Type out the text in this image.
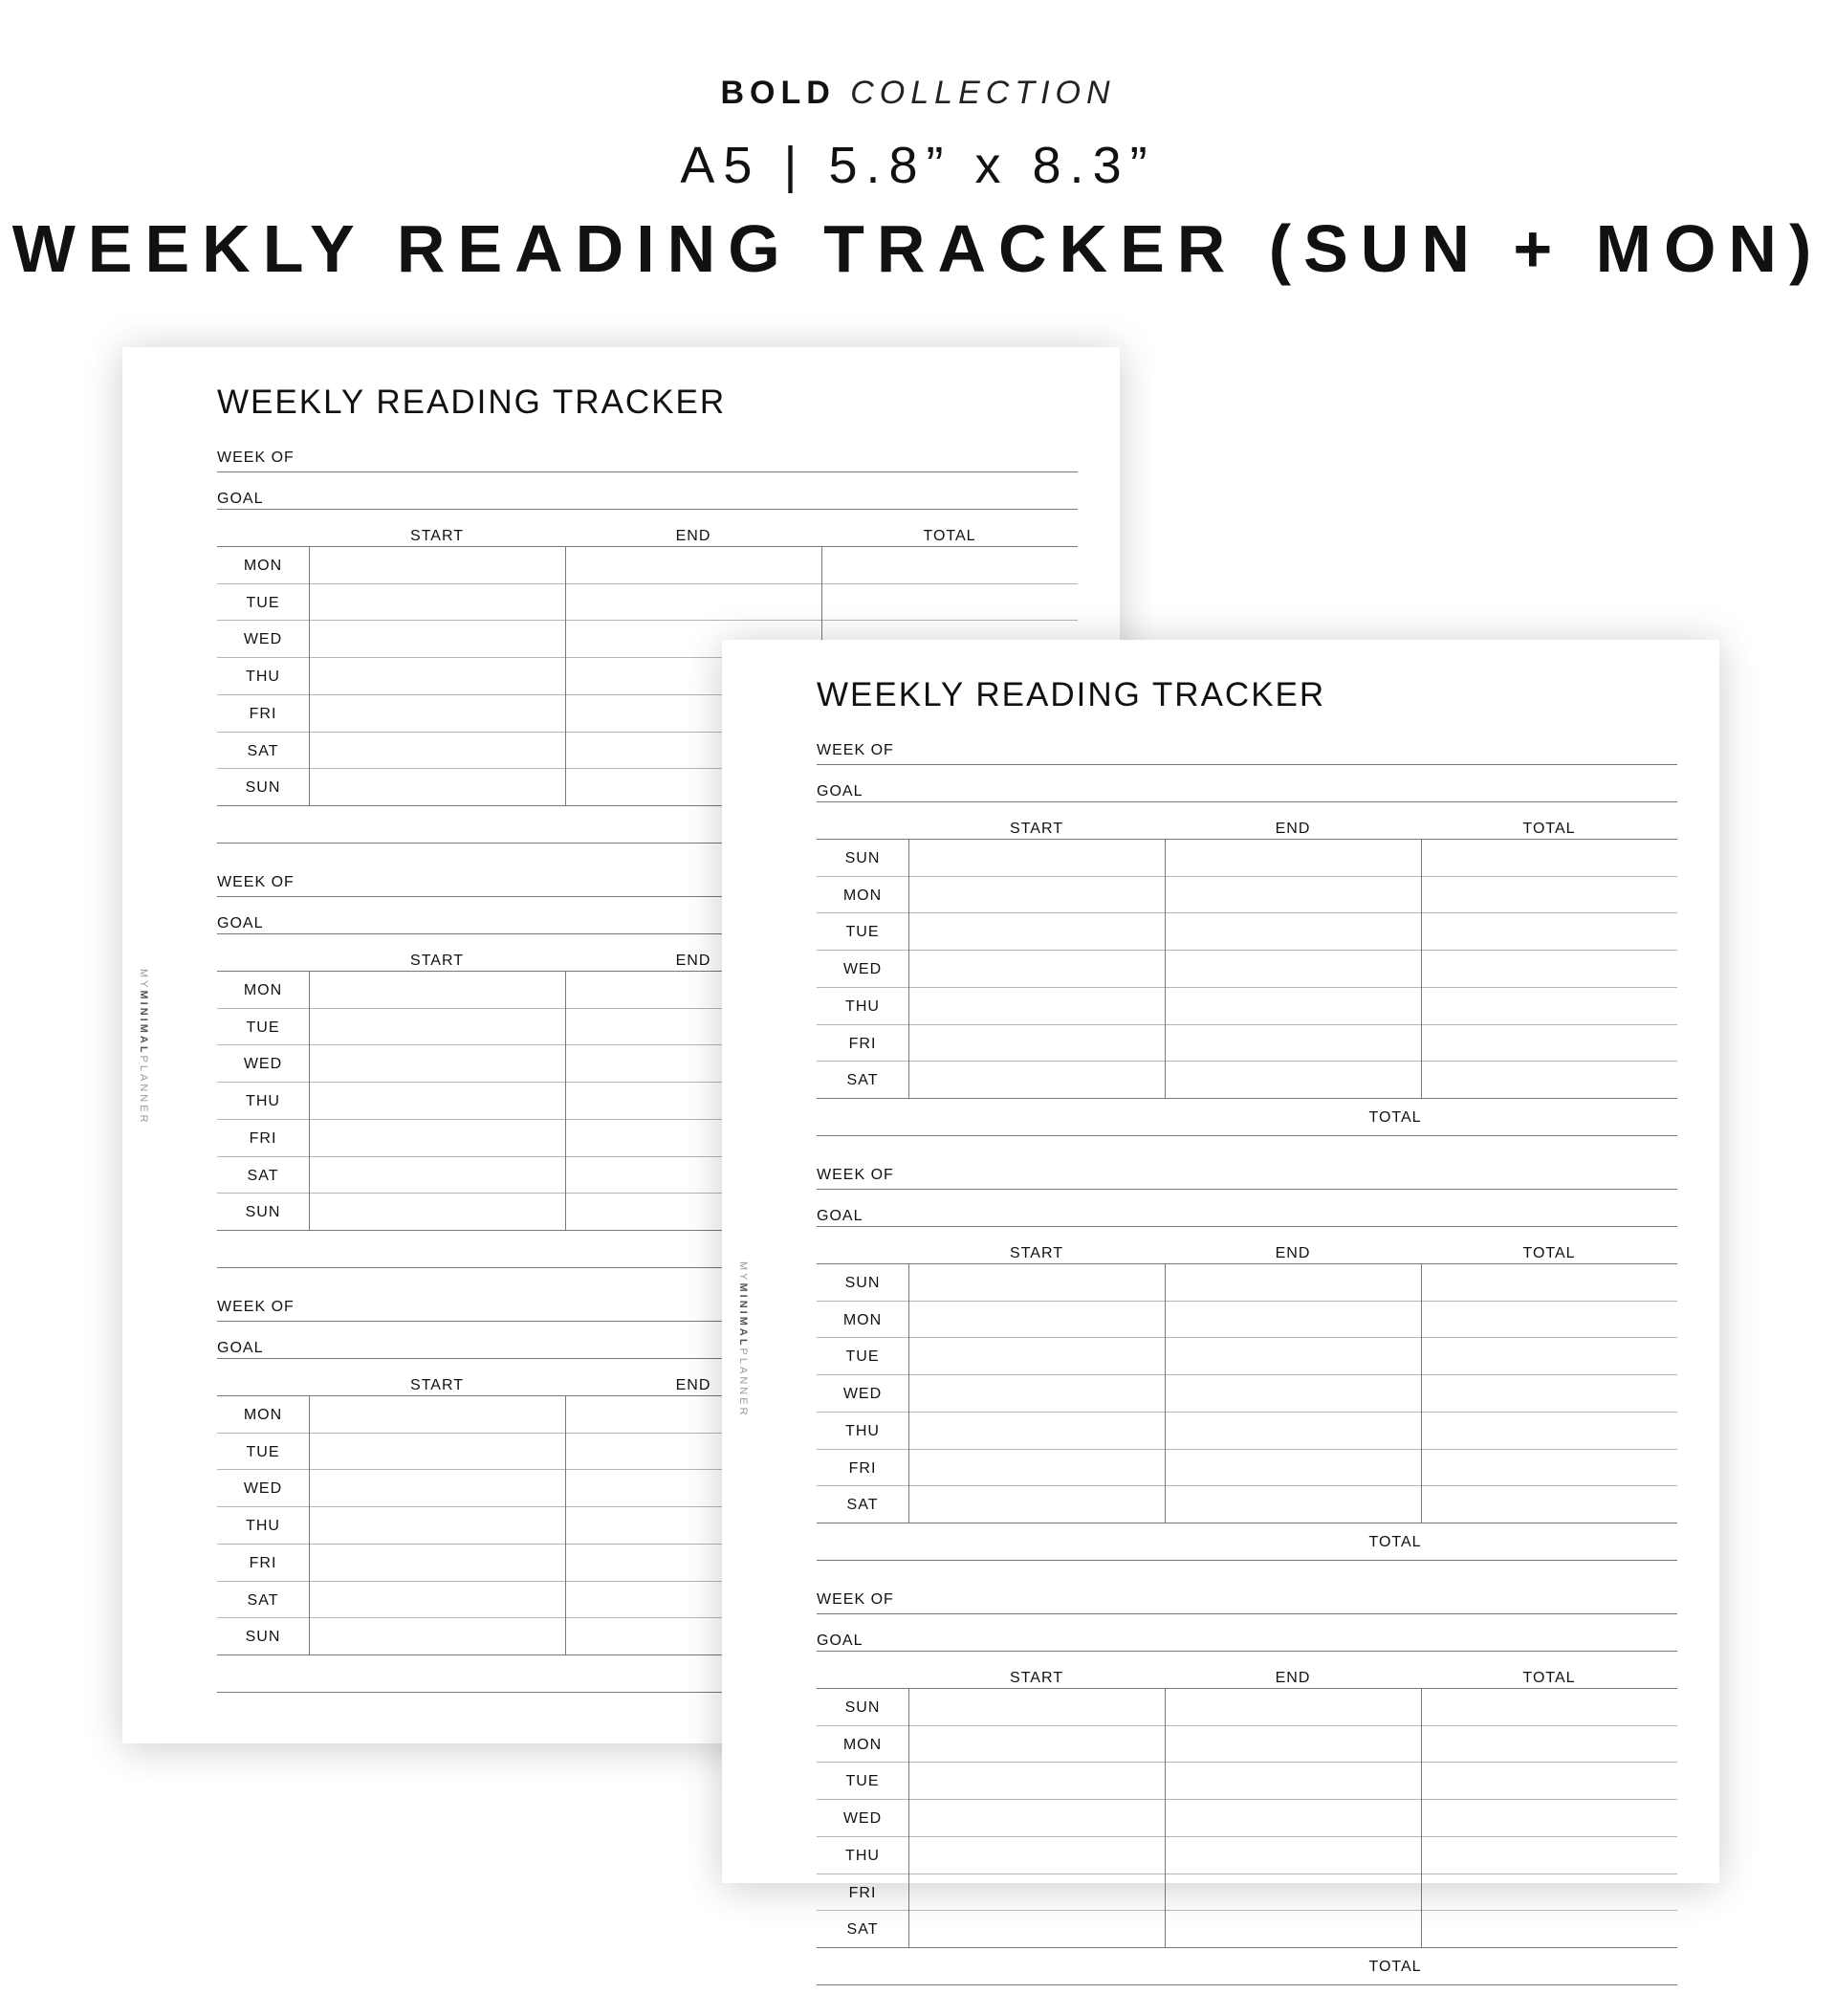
BOLD COLLECTION
A5 | 5.8” x 8.3”
WEEKLY READING TRACKER (SUN + MON)
WEEKLY READING TRACKER
MYMINIMALPLANNER
WEEK OF
GOAL
START	END	TOTAL
MON
TUE
WED
THU
FRI
SAT
SUN
WEEK OF
GOAL
START	END
MON
TUE
WED
THU
FRI
SAT
SUN
WEEK OF
GOAL
START	END
MON
TUE
WED
THU
FRI
SAT
SUN
WEEKLY READING TRACKER
MYMINIMALPLANNER
WEEK OF
GOAL
START	END	TOTAL
SUN
MON
TUE
WED
THU
FRI
SAT
TOTAL
WEEK OF
GOAL
START	END	TOTAL
SUN
MON
TUE
WED
THU
FRI
SAT
TOTAL
WEEK OF
GOAL
START	END	TOTAL
SUN
MON
TUE
WED
THU
FRI
SAT
TOTAL
